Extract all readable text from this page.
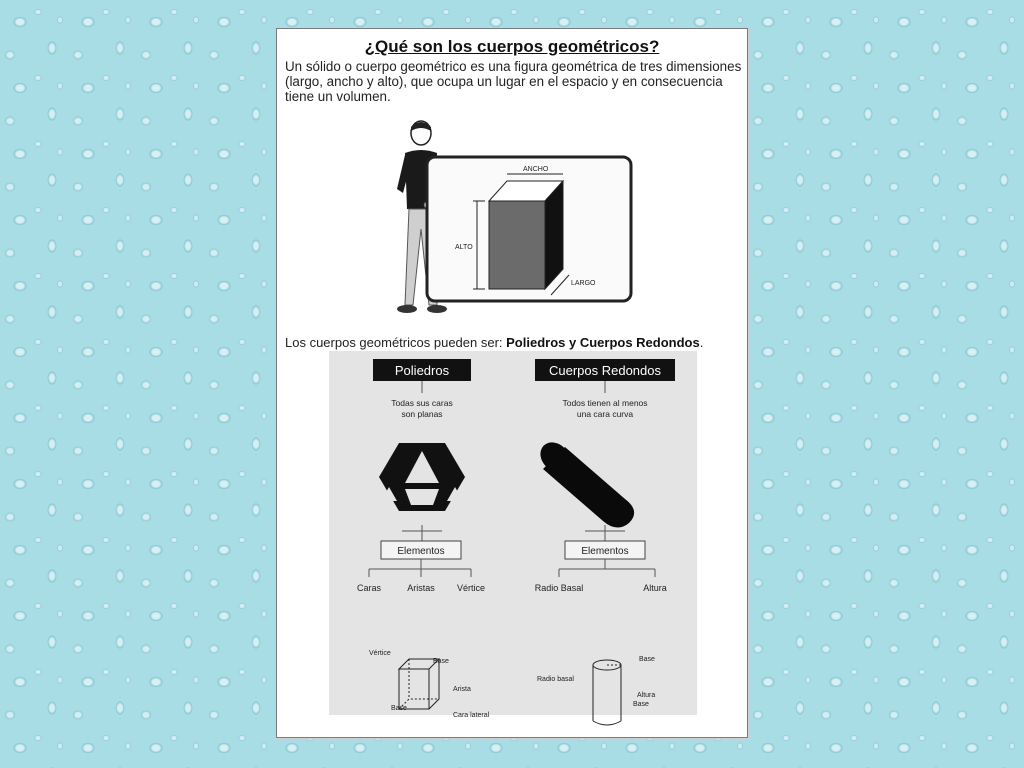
¿Qué son los cuerpos geométricos?
Un sólido o cuerpo geométrico es una figura geométrica de tres dimensiones (largo, ancho y alto), que ocupa un lugar en el espacio y en consecuencia tiene un volumen.
ALTO
ANCHO
LARGO
Los cuerpos geométricos pueden ser: Poliedros y Cuerpos Redondos.
Poliedros
Todas sus caras
son planas
Elementos
Caras	Aristas Vértice
Vértice
Base
Arista
Cara lateral
Cuerpos Redondos
Todos tienen al menos
una cara curva
Elementos
Radio Basal	Altura
Base
Radio basal
Altura
Base
Base
